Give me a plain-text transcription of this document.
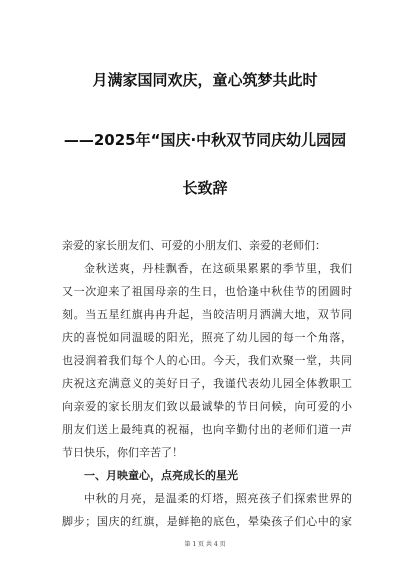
月满家国同欢庆，童心筑梦共此时
——2025年“国庆·中秋双节同庆幼儿园园
长致辞
亲爱的家长朋友们、可爱的小朋友们、亲爱的老师们：
金秋送爽，丹桂飘香，在这硕果累累的季节里，我们
又一次迎来了祖国母亲的生日，也恰逢中秋佳节的团圆时
刻。当五星红旗冉冉升起，当皎洁明月洒满大地，双节同
庆的喜悦如同温暖的阳光，照亮了幼儿园的每一个角落，
也浸润着我们每个人的心田。今天，我们欢聚一堂，共同
庆祝这充满意义的美好日子，我谨代表幼儿园全体教职工
向亲爱的家长朋友们致以最诚挚的节日问候，向可爱的小
朋友们送上最纯真的祝福，也向辛勤付出的老师们道一声
节日快乐，你们辛苦了！
一、月映童心，点亮成长的星光
中秋的月亮，是温柔的灯塔，照亮孩子们探索世界的
脚步；国庆的红旗，是鲜艳的底色，晕染孩子们心中的家
第 1 页 共 4 页
